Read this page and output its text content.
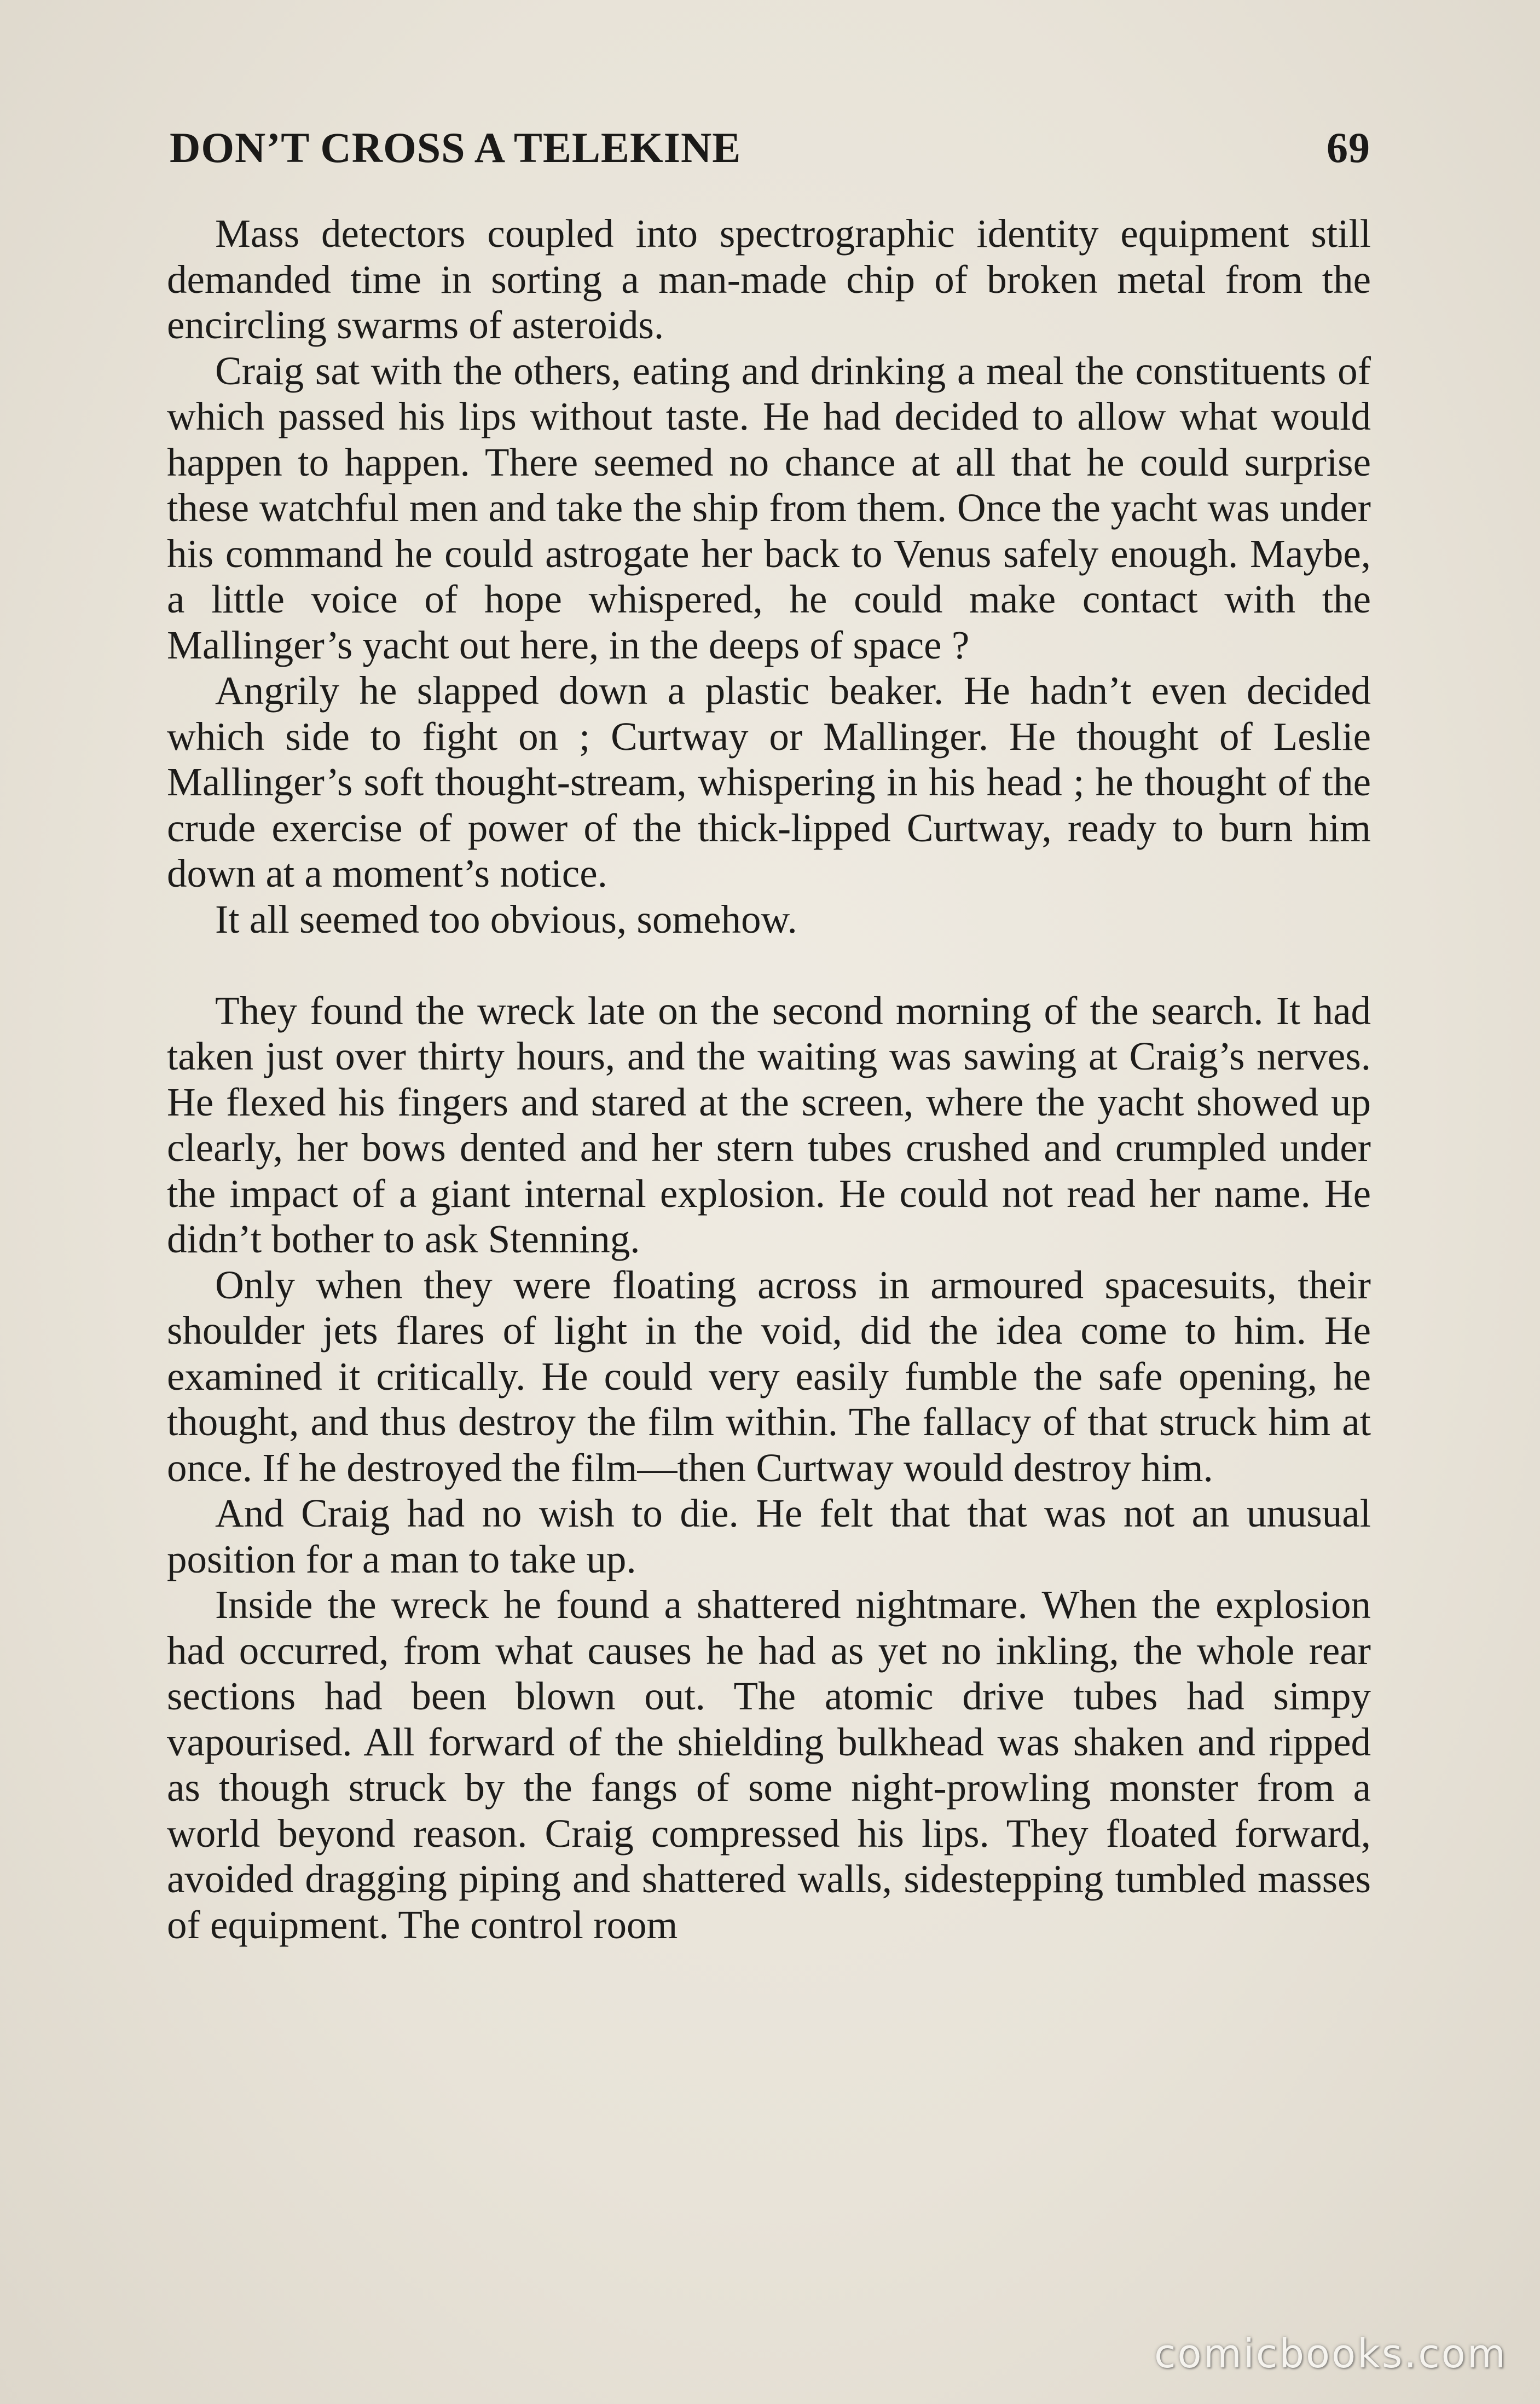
DON’T CROSS A TELEKINE	69

Mass detectors coupled into spectrographic identity equipment still demanded time in sorting a man-made chip of broken metal from the encircling swarms of asteroids.

Craig sat with the others, eating and drinking a meal the constituents of which passed his lips without taste. He had decided to allow what would happen to happen. There seemed no chance at all that he could surprise these watchful men and take the ship from them. Once the yacht was under his command he could astrogate her back to Venus safely enough. Maybe, a little voice of hope whispered, he could make contact with the Mallinger’s yacht out here, in the deeps of space ?

Angrily he slapped down a plastic beaker. He hadn’t even decided which side to fight on ; Curtway or Mallinger. He thought of Leslie Mallinger’s soft thought-stream, whispering in his head ; he thought of the crude exercise of power of the thick-lipped Curtway, ready to burn him down at a moment’s notice.

It all seemed too obvious, somehow.

They found the wreck late on the second morning of the search. It had taken just over thirty hours, and the waiting was sawing at Craig’s nerves. He flexed his fingers and stared at the screen, where the yacht showed up clearly, her bows dented and her stern tubes crushed and crumpled under the impact of a giant internal explosion. He could not read her name. He didn’t bother to ask Stenning.

Only when they were floating across in armoured spacesuits, their shoulder jets flares of light in the void, did the idea come to him. He examined it critically. He could very easily fumble the safe opening, he thought, and thus destroy the film within. The fallacy of that struck him at once. If he destroyed the film—then Curtway would destroy him.

And Craig had no wish to die. He felt that that was not an unusual position for a man to take up.

Inside the wreck he found a shattered nightmare. When the explosion had occurred, from what causes he had as yet no inkling, the whole rear sections had been blown out. The atomic drive tubes had simpy vapourised. All forward of the shielding bulkhead was shaken and ripped as though struck by the fangs of some night-prowling monster from a world beyond reason. Craig compressed his lips. They floated forward, avoided dragging piping and shattered walls, sidestepping tumbled masses of equipment. The control room

comicbooks.com
